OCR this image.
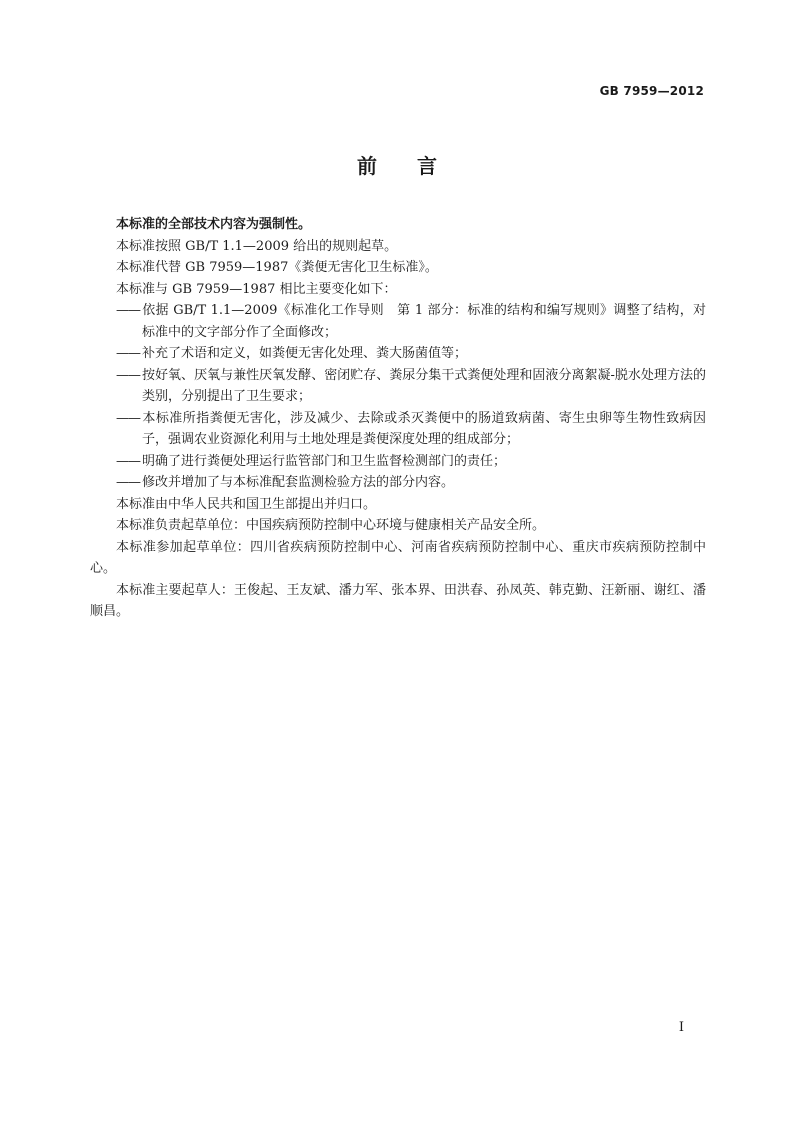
GB 7959—2012
前言

本标准的全部技术内容为强制性。

本标准按照 GB/T 1.1—2009 给出的规则起草。

本标准代替 GB 7959—1987《粪便无害化卫生标准》。

本标准与 GB 7959—1987 相比主要变化如下：

—— 依据 GB/T 1.1—2009《标准化工作导则　第 1 部分：标准的结构和编写规则》调整了结构，对标准中的文字部分作了全面修改；

—— 补充了术语和定义，如粪便无害化处理、粪大肠菌值等；

—— 按好氧、厌氧与兼性厌氧发酵、密闭贮存、粪尿分集干式粪便处理和固液分离絮凝-脱水处理方法的类别，分别提出了卫生要求；

—— 本标准所指粪便无害化，涉及减少、去除或杀灭粪便中的肠道致病菌、寄生虫卵等生物性致病因子，强调农业资源化利用与土地处理是粪便深度处理的组成部分；

—— 明确了进行粪便处理运行监管部门和卫生监督检测部门的责任；

—— 修改并增加了与本标准配套监测检验方法的部分内容。

本标准由中华人民共和国卫生部提出并归口。

本标准负责起草单位：中国疾病预防控制中心环境与健康相关产品安全所。

本标准参加起草单位：四川省疾病预防控制中心、河南省疾病预防控制中心、重庆市疾病预防控制中心。

本标准主要起草人：王俊起、王友斌、潘力军、张本界、田洪春、孙凤英、韩克勤、汪新丽、谢红、潘顺昌。

I
